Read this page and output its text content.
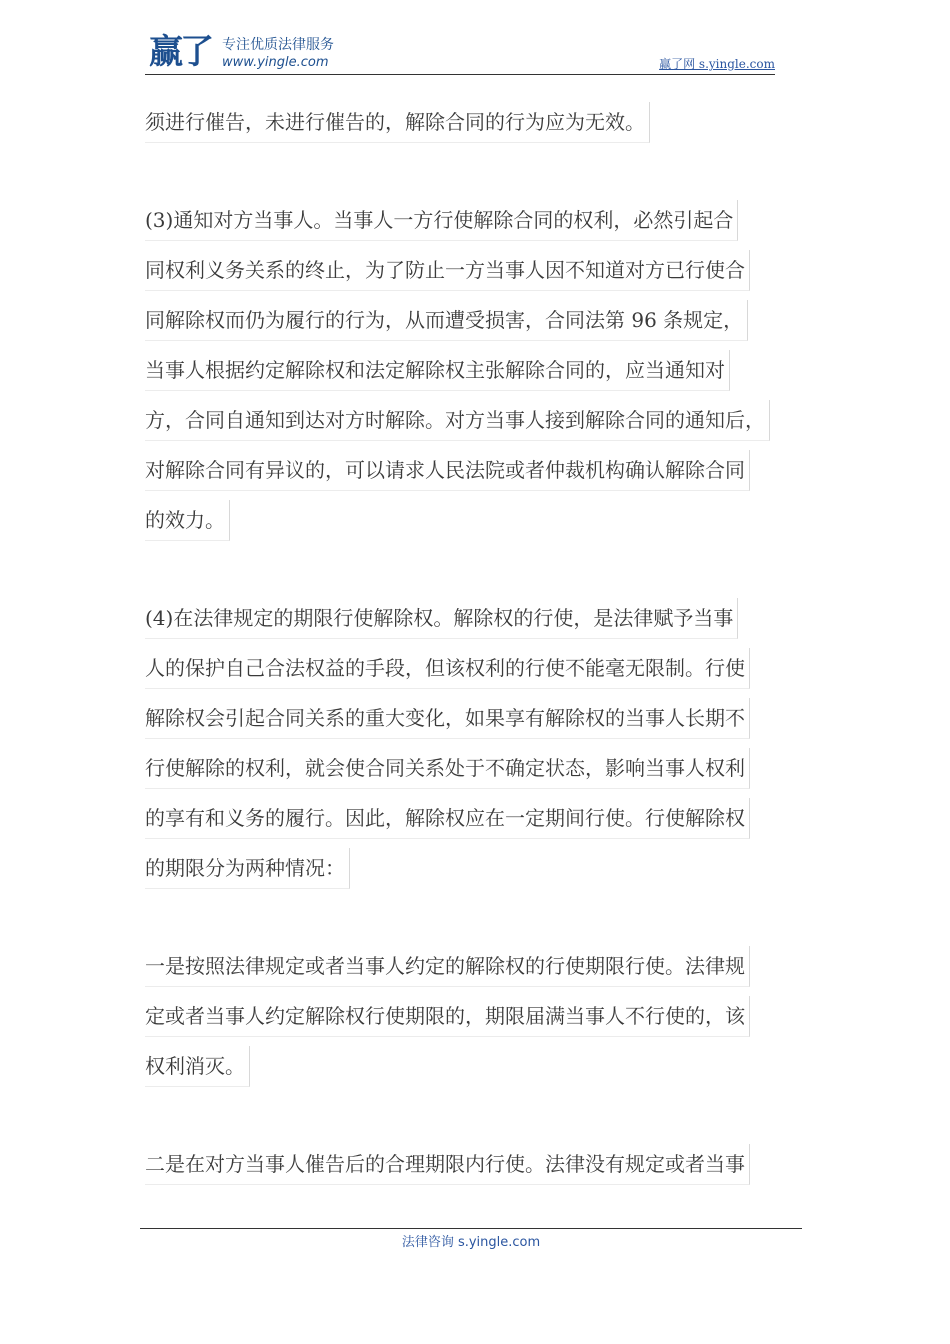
赢了 专注优质法律服务
www.yingle.com	赢了网 s.yingle.com
须进行催告，未进行催告的，解除合同的行为应为无效。
(3)通知对方当事人。当事人一方行使解除合同的权利，必然引起合
同权利义务关系的终止，为了防止一方当事人因不知道对方已行使合
同解除权而仍为履行的行为，从而遭受损害，合同法第 96 条规定，
当事人根据约定解除权和法定解除权主张解除合同的，应当通知对
方，合同自通知到达对方时解除。对方当事人接到解除合同的通知后，
对解除合同有异议的，可以请求人民法院或者仲裁机构确认解除合同
的效力。
(4)在法律规定的期限行使解除权。解除权的行使，是法律赋予当事
人的保护自己合法权益的手段，但该权利的行使不能毫无限制。行使
解除权会引起合同关系的重大变化，如果享有解除权的当事人长期不
行使解除的权利，就会使合同关系处于不确定状态，影响当事人权利
的享有和义务的履行。因此，解除权应在一定期间行使。行使解除权
的期限分为两种情况：
一是按照法律规定或者当事人约定的解除权的行使期限行使。法律规
定或者当事人约定解除权行使期限的，期限届满当事人不行使的，该
权利消灭。
二是在对方当事人催告后的合理期限内行使。法律没有规定或者当事
法律咨询 s.yingle.com
